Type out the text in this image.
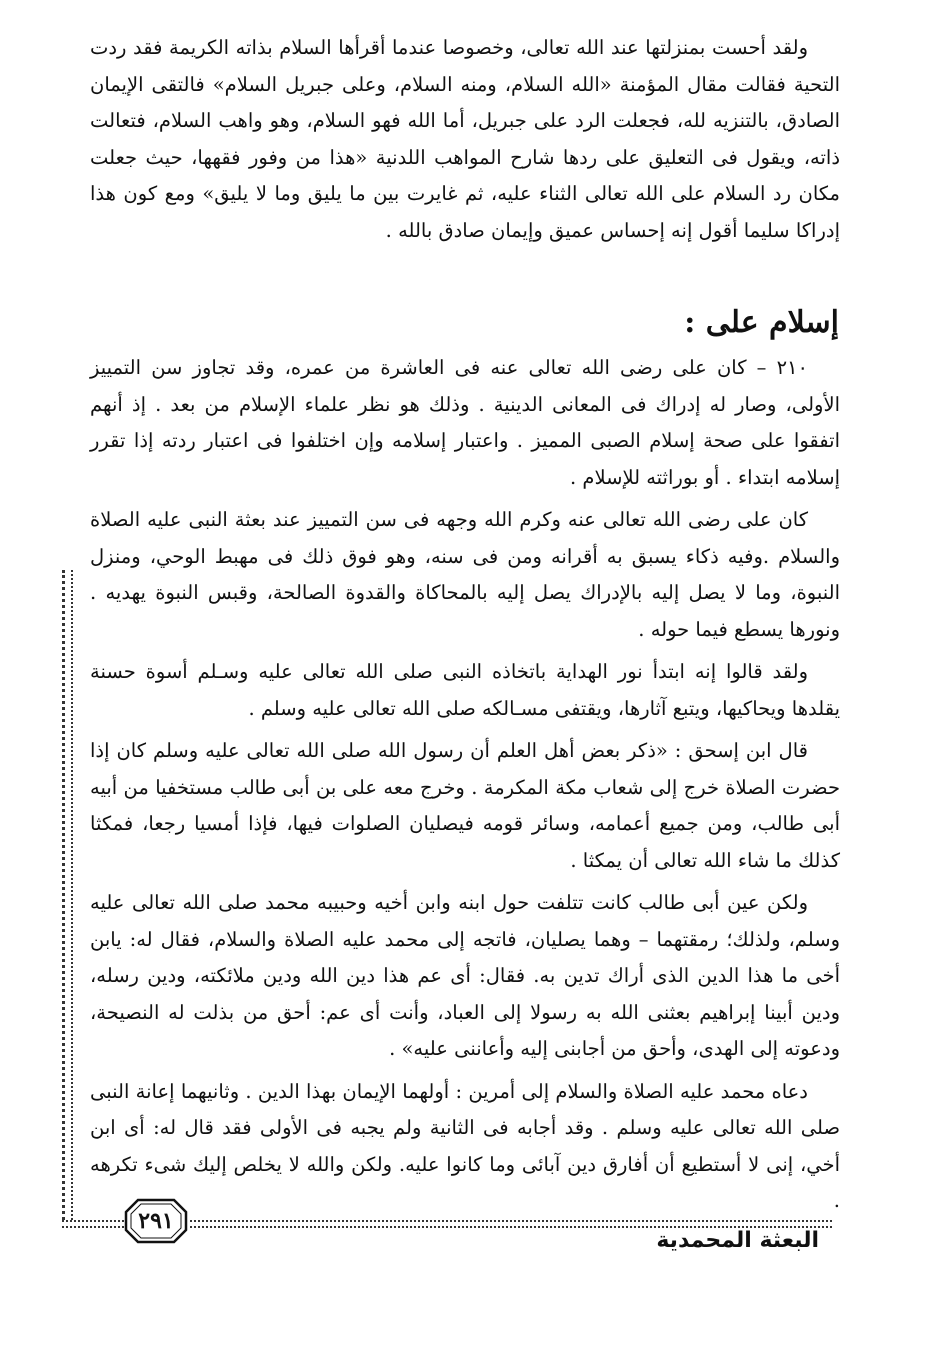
ولقد أحست بمنزلتها عند الله تعالى، وخصوصا عندما أقرأها السلام بذاته الكريمة فقد ردت التحية فقالت مقال المؤمنة «الله السلام، ومنه السلام، وعلى جبريل السلام» فالتقى الإيمان الصادق، بالتنزيه لله، فجعلت الرد على جبريل، أما الله فهو السلام، وهو واهب السلام، فتعالت ذاته، ويقول فى التعليق على ردها شارح المواهب اللدنية «هذا من وفور فقهها، حيث جعلت مكان رد السلام على الله تعالى الثناء عليه، ثم غايرت بين ما يليق وما لا يليق» ومع كون هذا إدراكا سليما أقول إنه إحساس عميق وإيمان صادق بالله .

إسلام على :

٢١٠ – كان على رضى الله تعالى عنه فى العاشرة من عمره، وقد تجاوز سن التمييز الأولى، وصار له إدراك فى المعانى الدينية . وذلك هو نظر علماء الإسلام من بعد . إذ أنهم اتفقوا على صحة إسلام الصبى المميز . واعتبار إسلامه وإن اختلفوا فى اعتبار ردته إذا تقرر إسلامه ابتداء . أو بوراثته للإسلام .

كان على رضى الله تعالى عنه وكرم الله وجهه فى سن التمييز عند بعثة النبى عليه الصلاة والسلام .وفيه ذكاء يسبق به أقرانه ومن فى سنه، وهو فوق ذلك فى مهبط الوحي، ومنزل النبوة، وما لا يصل إليه بالإدراك يصل إليه بالمحاكاة والقدوة الصالحة، وقبس النبوة يهديه . ونورها يسطع فيما حوله .

ولقد قالوا إنه ابتدأ نور الهداية باتخاذه النبى صلى الله تعالى عليه وسـلم أسوة حسنة يقلدها ويحاكيها، ويتبع آثارها، ويقتفى مسـالكه صلى الله تعالى عليه وسلم .

قال ابن إسحق : «ذكر بعض أهل العلم أن رسول الله صلى الله تعالى عليه وسلم كان إذا حضرت الصلاة خرج إلى شعاب مكة المكرمة . وخرج معه على بن أبى طالب مستخفيا من أبيه أبى طالب، ومن جميع أعمامه، وسائر قومه فيصليان الصلوات فيها، فإذا أمسيا رجعا، فمكثا كذلك ما شاء الله تعالى أن يمكثا .

ولكن عين أبى طالب كانت تتلفت حول ابنه وابن أخيه وحبيبه محمد صلى الله تعالى عليه وسلم، ولذلك؛ رمقتهما – وهما يصليان، فاتجه إلى محمد عليه الصلاة والسلام، فقال له: يابن أخى ما هذا الدين الذى أراك تدين به. فقال: أى عم هذا دين الله ودين ملائكته، ودين رسله، ودين أبينا إبراهيم بعثنى الله به رسولا إلى العباد، وأنت أى عم: أحق من بذلت له النصيحة، ودعوته إلى الهدى، وأحق من أجابنى إليه وأعاننى عليه» .

دعاه محمد عليه الصلاة والسلام إلى أمرين : أولهما الإيمان بهذا الدين . وثانيهما إعانة النبى صلى الله تعالى عليه وسلم . وقد أجابه فى الثانية ولم يجبه فى الأولى فقد قال له: أى ابن أخي، إنى لا أستطيع أن أفارق دين آبائى وما كانوا عليه. ولكن والله لا يخلص إليك شىء تكرهه .

٢٩١
البعثة المحمدية
